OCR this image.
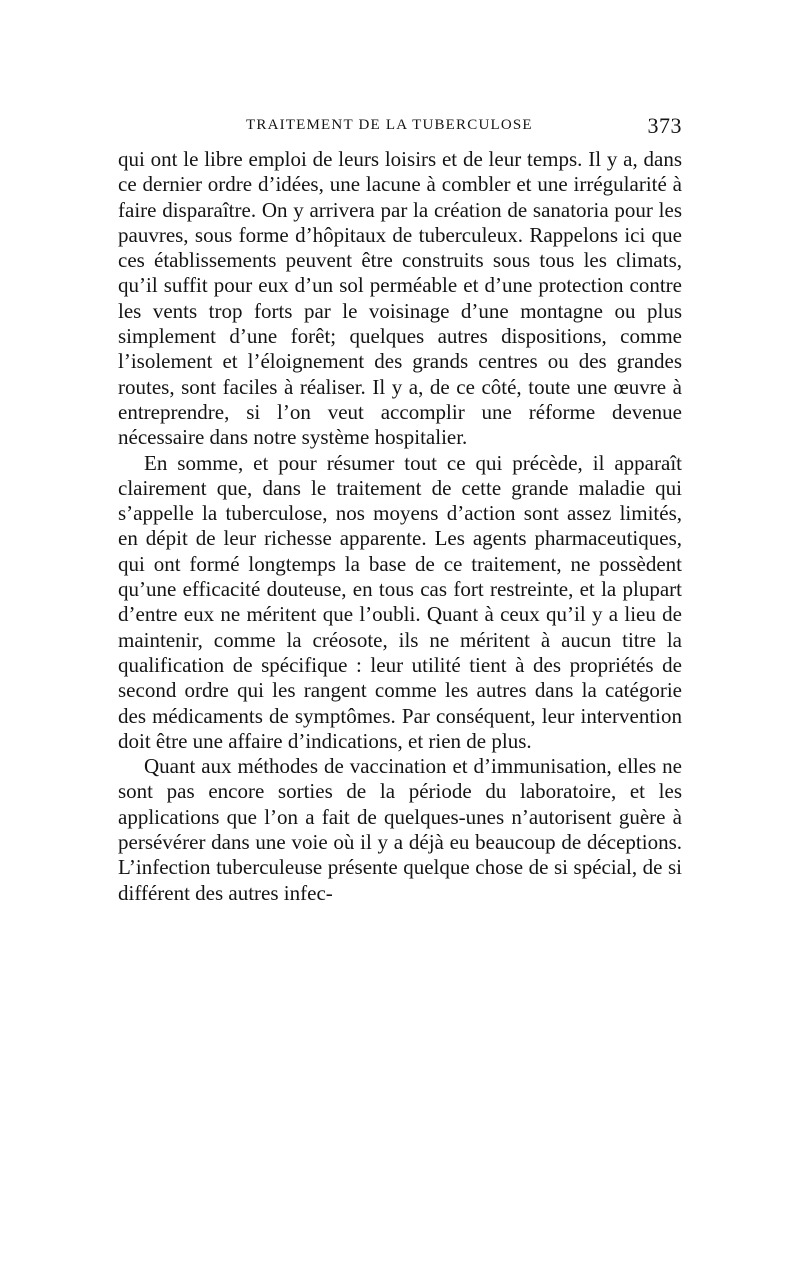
TRAITEMENT DE LA TUBERCULOSE	373

qui ont le libre emploi de leurs loisirs et de leur temps. Il y a, dans ce dernier ordre d’idées, une lacune à combler et une irrégularité à faire disparaître. On y arrivera par la création de sanatoria pour les pauvres, sous forme d’hôpitaux de tuberculeux. Rappelons ici que ces établissements peuvent être construits sous tous les climats, qu’il suffit pour eux d’un sol perméable et d’une protection contre les vents trop forts par le voisinage d’une montagne ou plus simplement d’une forêt; quelques autres dispositions, comme l’isolement et l’éloignement des grands centres ou des grandes routes, sont faciles à réaliser. Il y a, de ce côté, toute une œuvre à entreprendre, si l’on veut accomplir une réforme devenue nécessaire dans notre système hospitalier.

En somme, et pour résumer tout ce qui précède, il apparaît clairement que, dans le traitement de cette grande maladie qui s’appelle la tuberculose, nos moyens d’action sont assez limités, en dépit de leur richesse apparente. Les agents pharmaceutiques, qui ont formé longtemps la base de ce traitement, ne possèdent qu’une efficacité douteuse, en tous cas fort restreinte, et la plupart d’entre eux ne méritent que l’oubli. Quant à ceux qu’il y a lieu de maintenir, comme la créosote, ils ne méritent à aucun titre la qualification de spécifique : leur utilité tient à des propriétés de second ordre qui les rangent comme les autres dans la catégorie des médicaments de symptômes. Par conséquent, leur intervention doit être une affaire d’indications, et rien de plus.

Quant aux méthodes de vaccination et d’immunisation, elles ne sont pas encore sorties de la période du laboratoire, et les applications que l’on a fait de quelques-unes n’autorisent guère à persévérer dans une voie où il y a déjà eu beaucoup de déceptions. L’infection tuberculeuse présente quelque chose de si spécial, de si différent des autres infec-
